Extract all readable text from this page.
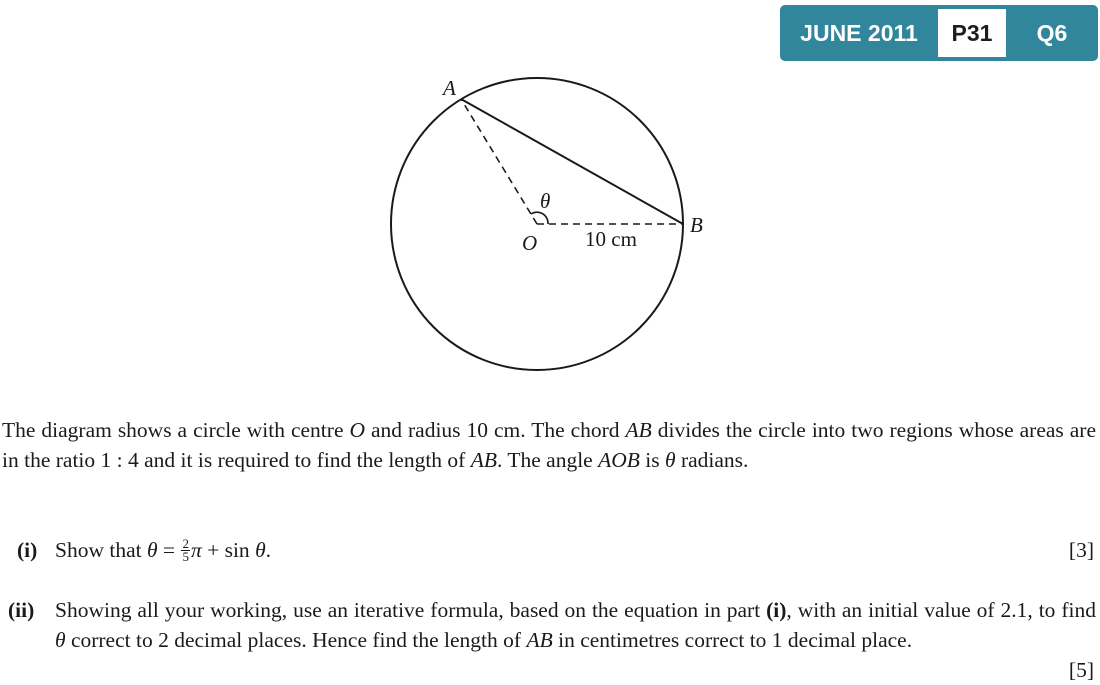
JUNE 2011	P31	Q6
A
B
O
θ
10 cm
The diagram shows a circle with centre O and radius 10 cm. The chord AB divides the circle into two regions whose areas are in the ratio 1 : 4 and it is required to find the length of AB. The angle AOB is θ radians.
(i) Show that $\theta = \frac{2}{5}$ π + sin θ.	[3]
(ii) Showing all your working, use an iterative formula, based on the equation in part (i), with an initial value of 2.1, to find θ correct to 2 decimal places. Hence find the length of AB in centimetres correct to 1 decimal place.
[5]
